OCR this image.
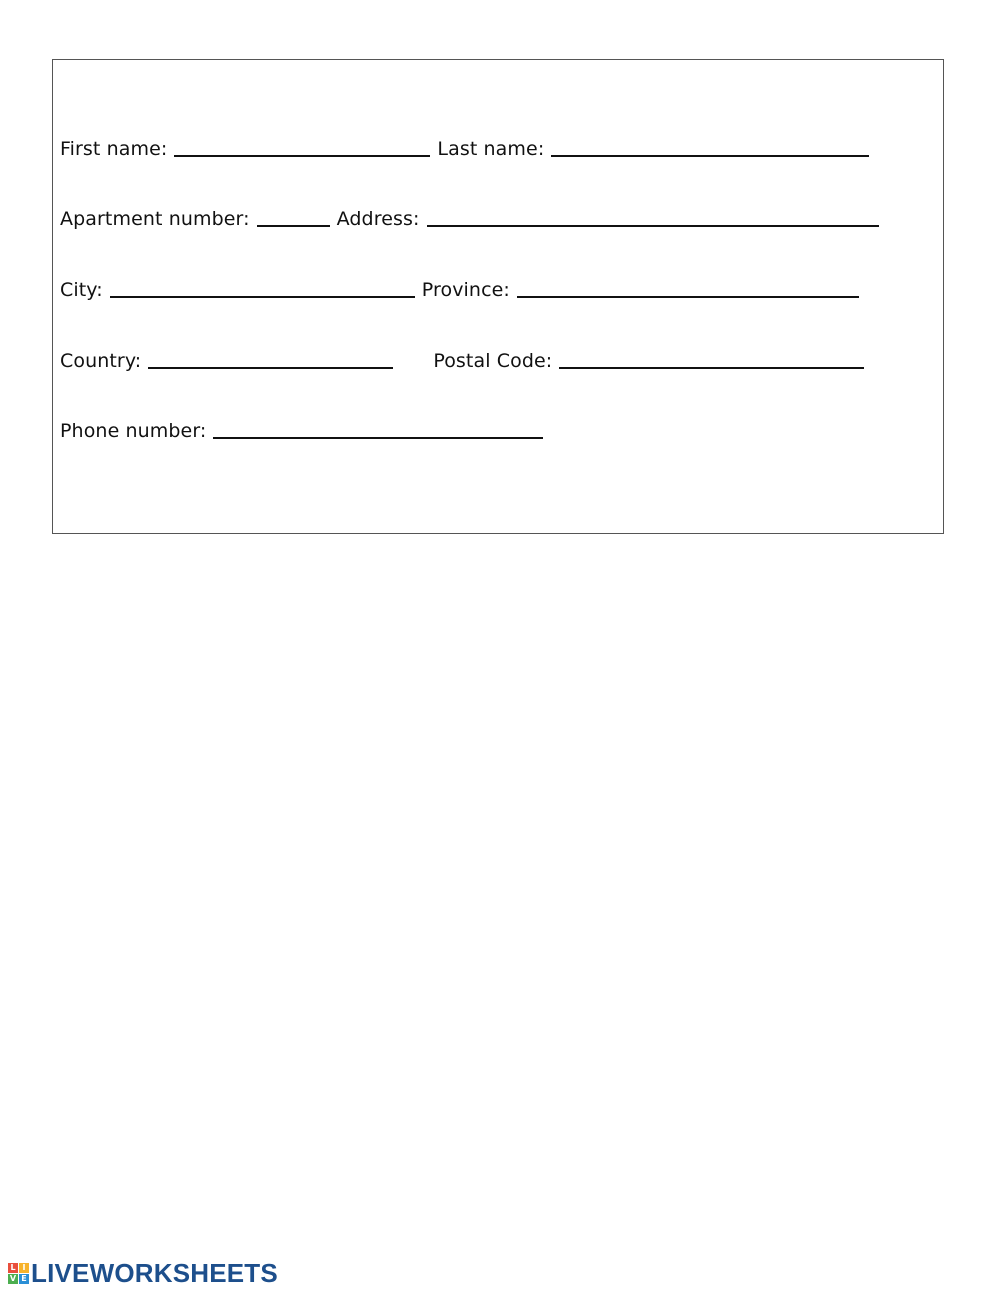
First name:	Last name:
Apartment number:	Address:
City:	Province:
Country:	Postal Code:
Phone number:
L I
V E LIVEWORKSHEETS
